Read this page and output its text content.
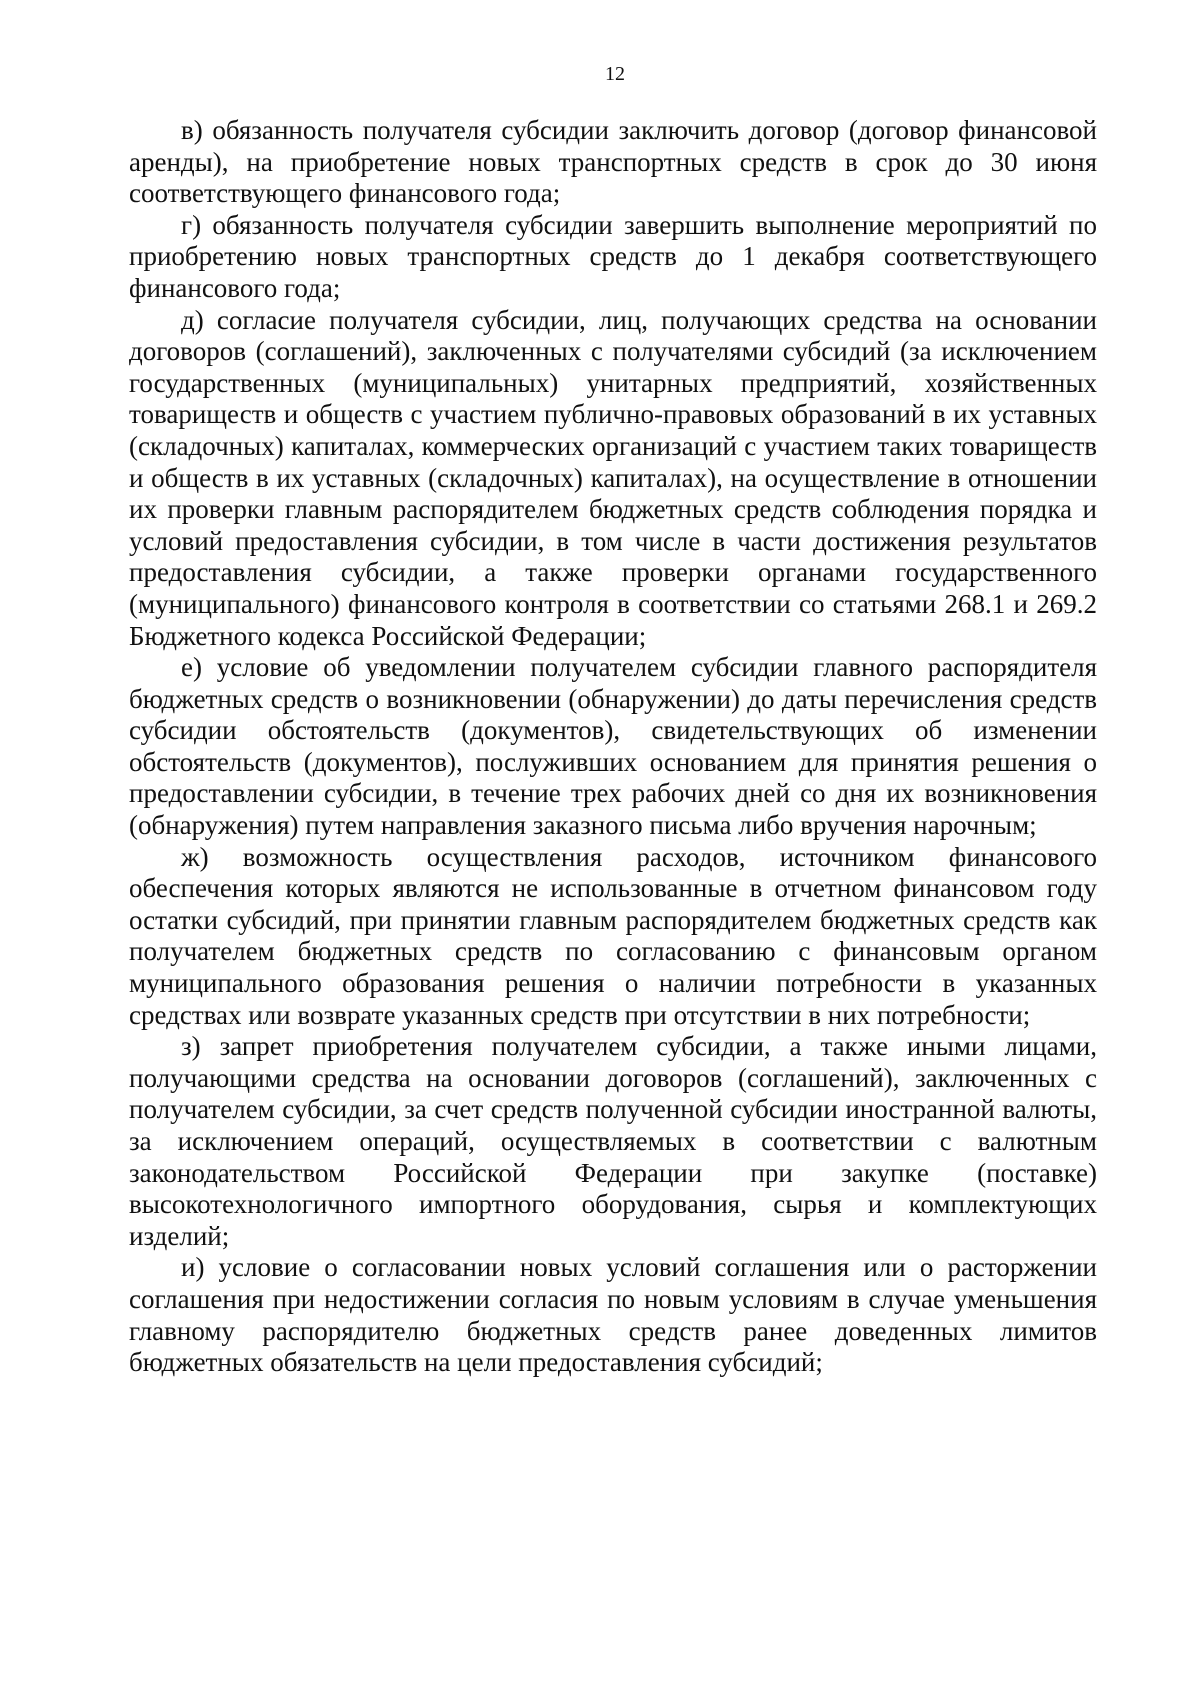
12

в) обязанность получателя субсидии заключить договор (договор финансовой аренды), на приобретение новых транспортных средств в срок до 30 июня соответствующего финансового года;

г) обязанность получателя субсидии завершить выполнение мероприятий по приобретению новых транспортных средств до 1 декабря соответствующего финансового года;

д) согласие получателя субсидии, лиц, получающих средства на основании договоров (соглашений), заключенных с получателями субсидий (за исключением государственных (муниципальных) унитарных предприятий, хозяйственных товариществ и обществ с участием публично-правовых образований в их уставных (складочных) капиталах, коммерческих организаций с участием таких товариществ и обществ в их уставных (складочных) капиталах), на осуществление в отношении их проверки главным распорядителем бюджетных средств соблюдения порядка и условий предоставления субсидии, в том числе в части достижения результатов предоставления субсидии, а также проверки органами государственного (муниципального) финансового контроля в соответствии со статьями 268.1 и 269.2 Бюджетного кодекса Российской Федерации;

е) условие об уведомлении получателем субсидии главного распорядителя бюджетных средств о возникновении (обнаружении) до даты перечисления средств субсидии обстоятельств (документов), свидетельствующих об изменении обстоятельств (документов), послуживших основанием для принятия решения о предоставлении субсидии, в течение трех рабочих дней со дня их возникновения (обнаружения) путем направления заказного письма либо вручения нарочным;

ж) возможность осуществления расходов, источником финансового обеспечения которых являются не использованные в отчетном финансовом году остатки субсидий, при принятии главным распорядителем бюджетных средств как получателем бюджетных средств по согласованию с финансовым органом муниципального образования решения о наличии потребности в указанных средствах или возврате указанных средств при отсутствии в них потребности;

з) запрет приобретения получателем субсидии, а также иными лицами, получающими средства на основании договоров (соглашений), заключенных с получателем субсидии, за счет средств полученной субсидии иностранной валюты, за исключением операций, осуществляемых в соответствии с валютным законодательством Российской Федерации при закупке (поставке) высокотехнологичного импортного оборудования, сырья и комплектующих изделий;

и) условие о согласовании новых условий соглашения или о расторжении соглашения при недостижении согласия по новым условиям в случае уменьшения главному распорядителю бюджетных средств ранее доведенных лимитов бюджетных обязательств на цели предоставления субсидий;
